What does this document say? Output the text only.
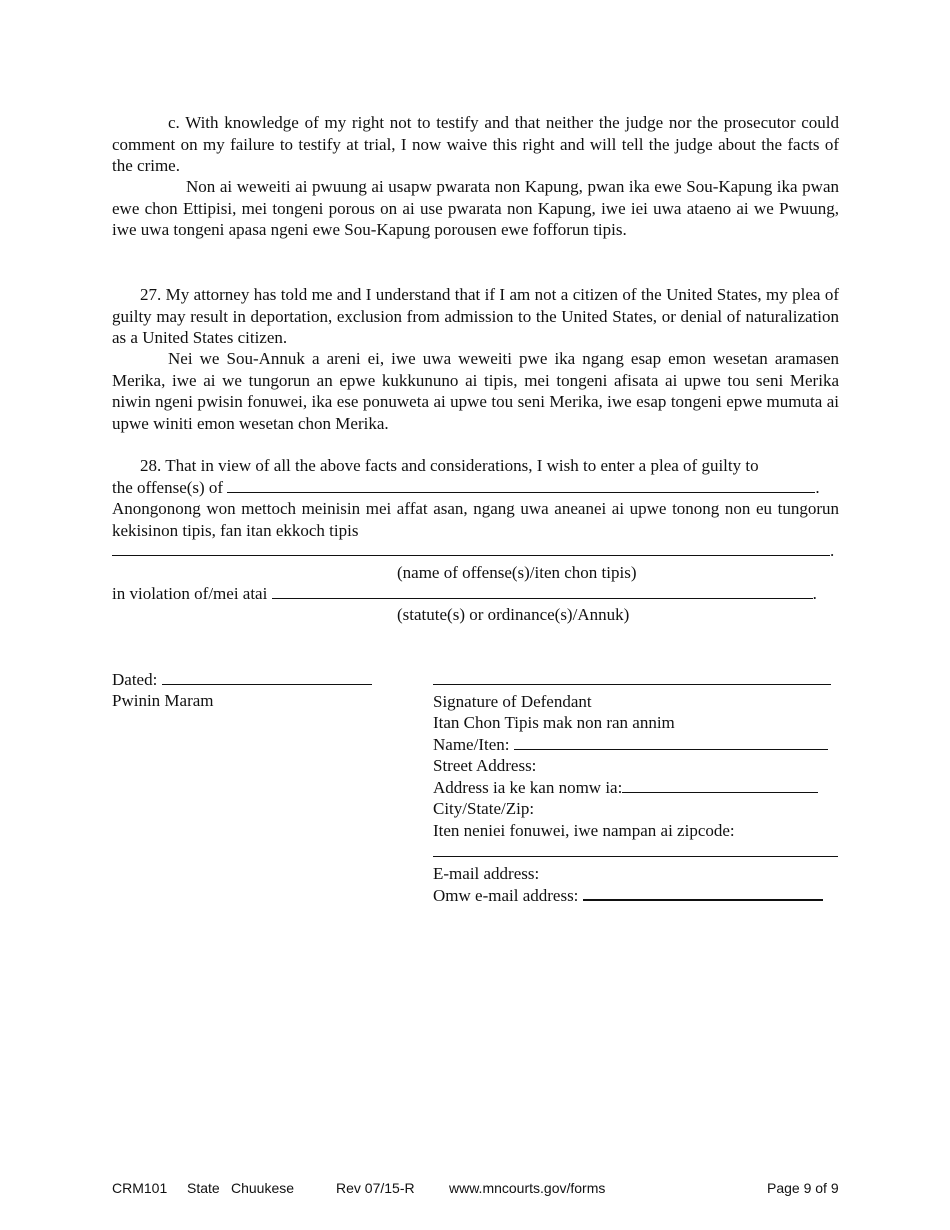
c. With knowledge of my right not to testify and that neither the judge nor the prosecutor could comment on my failure to testify at trial, I now waive this right and will tell the judge about the facts of the crime.

Non ai weweiti ai pwuung ai usapw pwarata non Kapung, pwan ika ewe Sou-Kapung ika pwan ewe chon Ettipisi, mei tongeni porous on ai use pwarata non Kapung, iwe iei uwa ataeno ai we Pwuung, iwe uwa tongeni apasa ngeni ewe Sou-Kapung porousen ewe fofforun tipis.

27. My attorney has told me and I understand that if I am not a citizen of the United States, my plea of guilty may result in deportation, exclusion from admission to the United States, or denial of naturalization as a United States citizen.

Nei we Sou-Annuk a areni ei, iwe uwa weweiti pwe ika ngang esap emon wesetan aramasen Merika, iwe ai we tungorun an epwe kukkununo ai tipis, mei tongeni afisata ai upwe tou seni Merika niwin ngeni pwisin fonuwei, ika ese ponuweta ai upwe tou seni Merika, iwe esap tongeni epwe mumuta ai upwe winiti emon wesetan chon Merika.

28. That in view of all the above facts and considerations, I wish to enter a plea of guilty to

the offense(s) of	.

Anongonong won mettoch meinisin mei affat asan, ngang uwa aneanei ai upwe tonong non eu tungorun kekisinon tipis, fan itan ekkoch tipis

.
(name of offense(s)/iten chon tipis)
in violation of/mei atai	.
(statute(s) or ordinance(s)/Annuk)
Dated:
Pwinin Maram	Signature of Defendant
Itan Chon Tipis mak non ran annim
Name/Iten:
Street Address:
Address ia ke kan nomw ia:
City/State/Zip:
Iten neniei fonuwei, iwe nampan ai zipcode:
E-mail address:
Omw e-mail address:
CRM101 State Chuukese	Rev 07/15-R www.mncourts.gov/forms	Page 9 of 9
